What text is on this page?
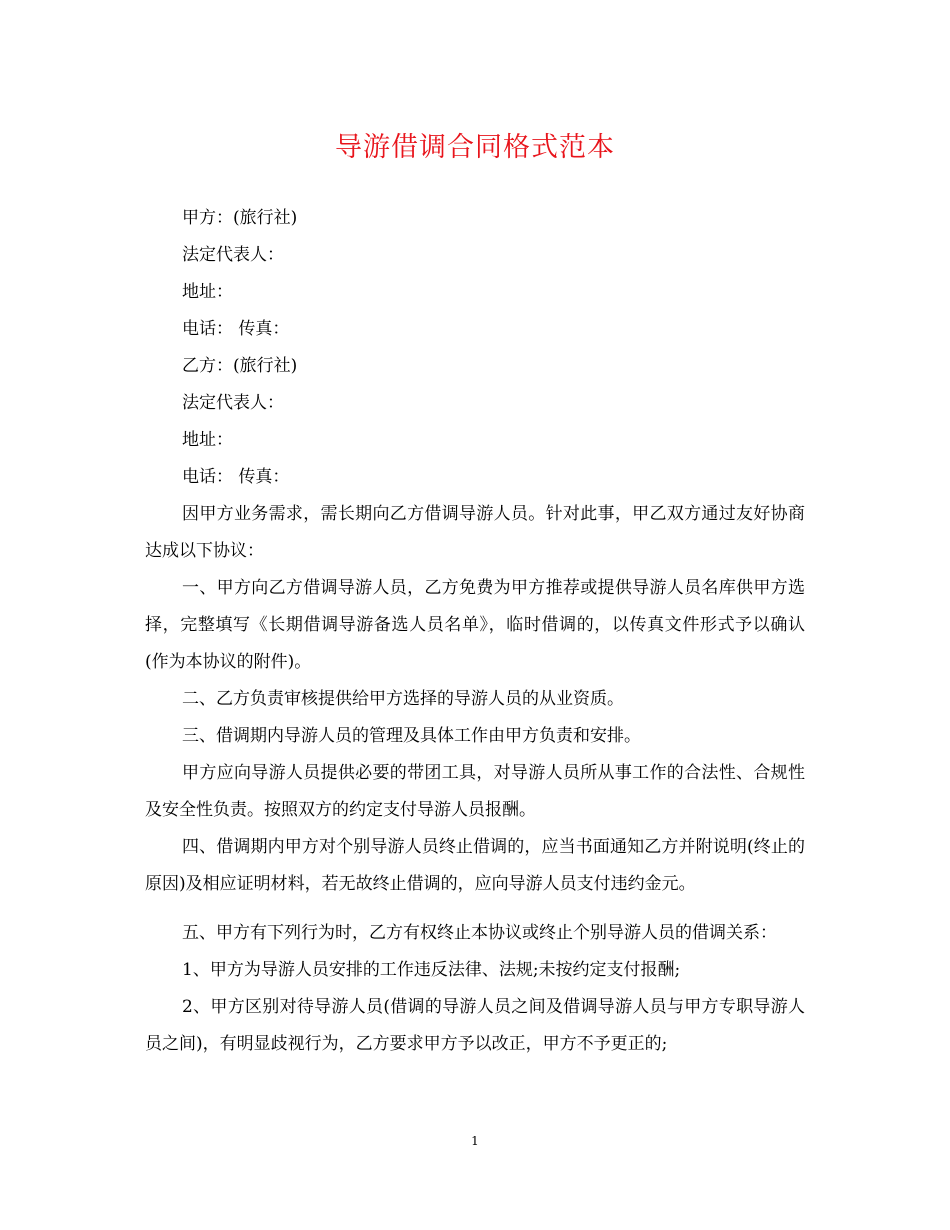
导游借调合同格式范本

甲方：(旅行社)

法定代表人：

地址：

电话： 传真：

乙方：(旅行社)

法定代表人：

地址：

电话： 传真：

因甲方业务需求，需长期向乙方借调导游人员。针对此事，甲乙双方通过友好协商达成以下协议：

一、甲方向乙方借调导游人员，乙方免费为甲方推荐或提供导游人员名库供甲方选择，完整填写《长期借调导游备选人员名单》，临时借调的，以传真文件形式予以确认(作为本协议的附件)。

二、乙方负责审核提供给甲方选择的导游人员的从业资质。

三、借调期内导游人员的管理及具体工作由甲方负责和安排。

甲方应向导游人员提供必要的带团工具，对导游人员所从事工作的合法性、合规性及安全性负责。按照双方的约定支付导游人员报酬。

四、借调期内甲方对个别导游人员终止借调的，应当书面通知乙方并附说明(终止的原因)及相应证明材料，若无故终止借调的，应向导游人员支付违约金元。

五、甲方有下列行为时，乙方有权终止本协议或终止个别导游人员的借调关系：

1、甲方为导游人员安排的工作违反法律、法规;未按约定支付报酬;

2、甲方区别对待导游人员(借调的导游人员之间及借调导游人员与甲方专职导游人员之间)，有明显歧视行为，乙方要求甲方予以改正，甲方不予更正的;

1
